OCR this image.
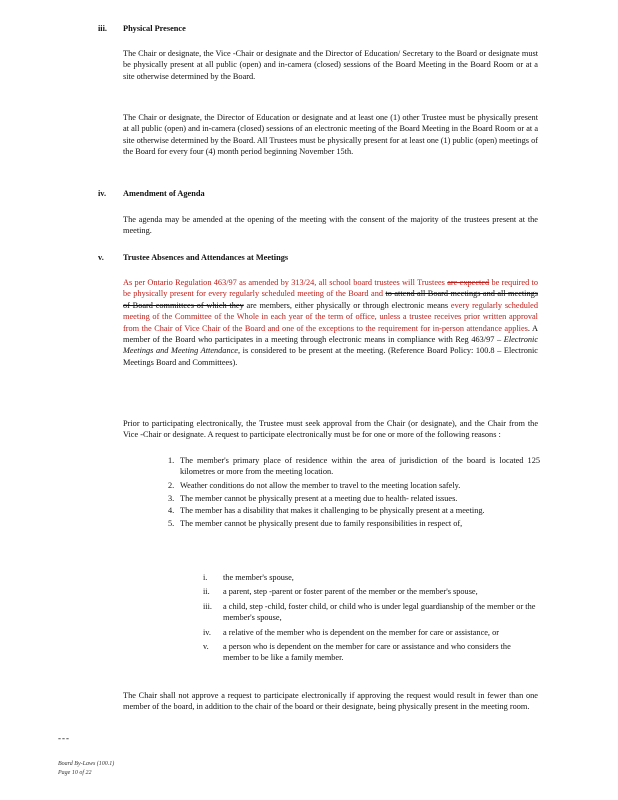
iii. Physical Presence
The Chair or designate, the Vice -Chair or designate and the Director of Education/ Secretary to the Board or designate must be physically present at all public (open) and in-camera (closed) sessions of the Board Meeting in the Board Room or at a site otherwise determined by the Board.
The Chair or designate, the Director of Education or designate and at least one (1) other Trustee must be physically present at all public (open) and in-camera (closed) sessions of an electronic meeting of the Board Meeting in the Board Room or at a site otherwise determined by the Board. All Trustees must be physically present for at least one (1) public (open) meetings of the Board for every four (4) month period beginning November 15th.
iv. Amendment of Agenda
The agenda may be amended at the opening of the meeting with the consent of the majority of the trustees present at the meeting.
v. Trustee Absences and Attendances at Meetings
As per Ontario Regulation 463/97 as amended by 313/24, all school board trustees will Trustees are expected be required to be physically present for every regularly scheduled meeting of the Board and to attend all Board meetings and all meetings of Board committees of which they are members, either physically or through electronic means every regularly scheduled meeting of the Committee of the Whole in each year of the term of office, unless a trustee receives prior written approval from the Chair of Vice Chair of the Board and one of the exceptions to the requirement for in-person attendance applies. A member of the Board who participates in a meeting through electronic means in compliance with Reg 463/97 – Electronic Meetings and Meeting Attendance, is considered to be present at the meeting. (Reference Board Policy: 100.8 – Electronic Meetings Board and Committees).
Prior to participating electronically, the Trustee must seek approval from the Chair (or designate), and the Chair from the Vice -Chair or designate. A request to participate electronically must be for one or more of the following reasons :
1. The member's primary place of residence within the area of jurisdiction of the board is located 125 kilometres or more from the meeting location.
2. Weather conditions do not allow the member to travel to the meeting location safely.
3. The member cannot be physically present at a meeting due to health- related issues.
4. The member has a disability that makes it challenging to be physically present at a meeting.
5. The member cannot be physically present due to family responsibilities in respect of,
i. the member's spouse,
ii. a parent, step -parent or foster parent of the member or the member's spouse,
iii. a child, step -child, foster child, or child who is under legal guardianship of the member or the member's spouse,
iv. a relative of the member who is dependent on the member for care or assistance, or
v. a person who is dependent on the member for care or assistance and who considers the member to be like a family member.
The Chair shall not approve a request to participate electronically if approving the request would result in fewer than one member of the board, in addition to the chair of the board or their designate, being physically present in the meeting room.
---
Board By-Laws (100.1)
Page 10 of 22
